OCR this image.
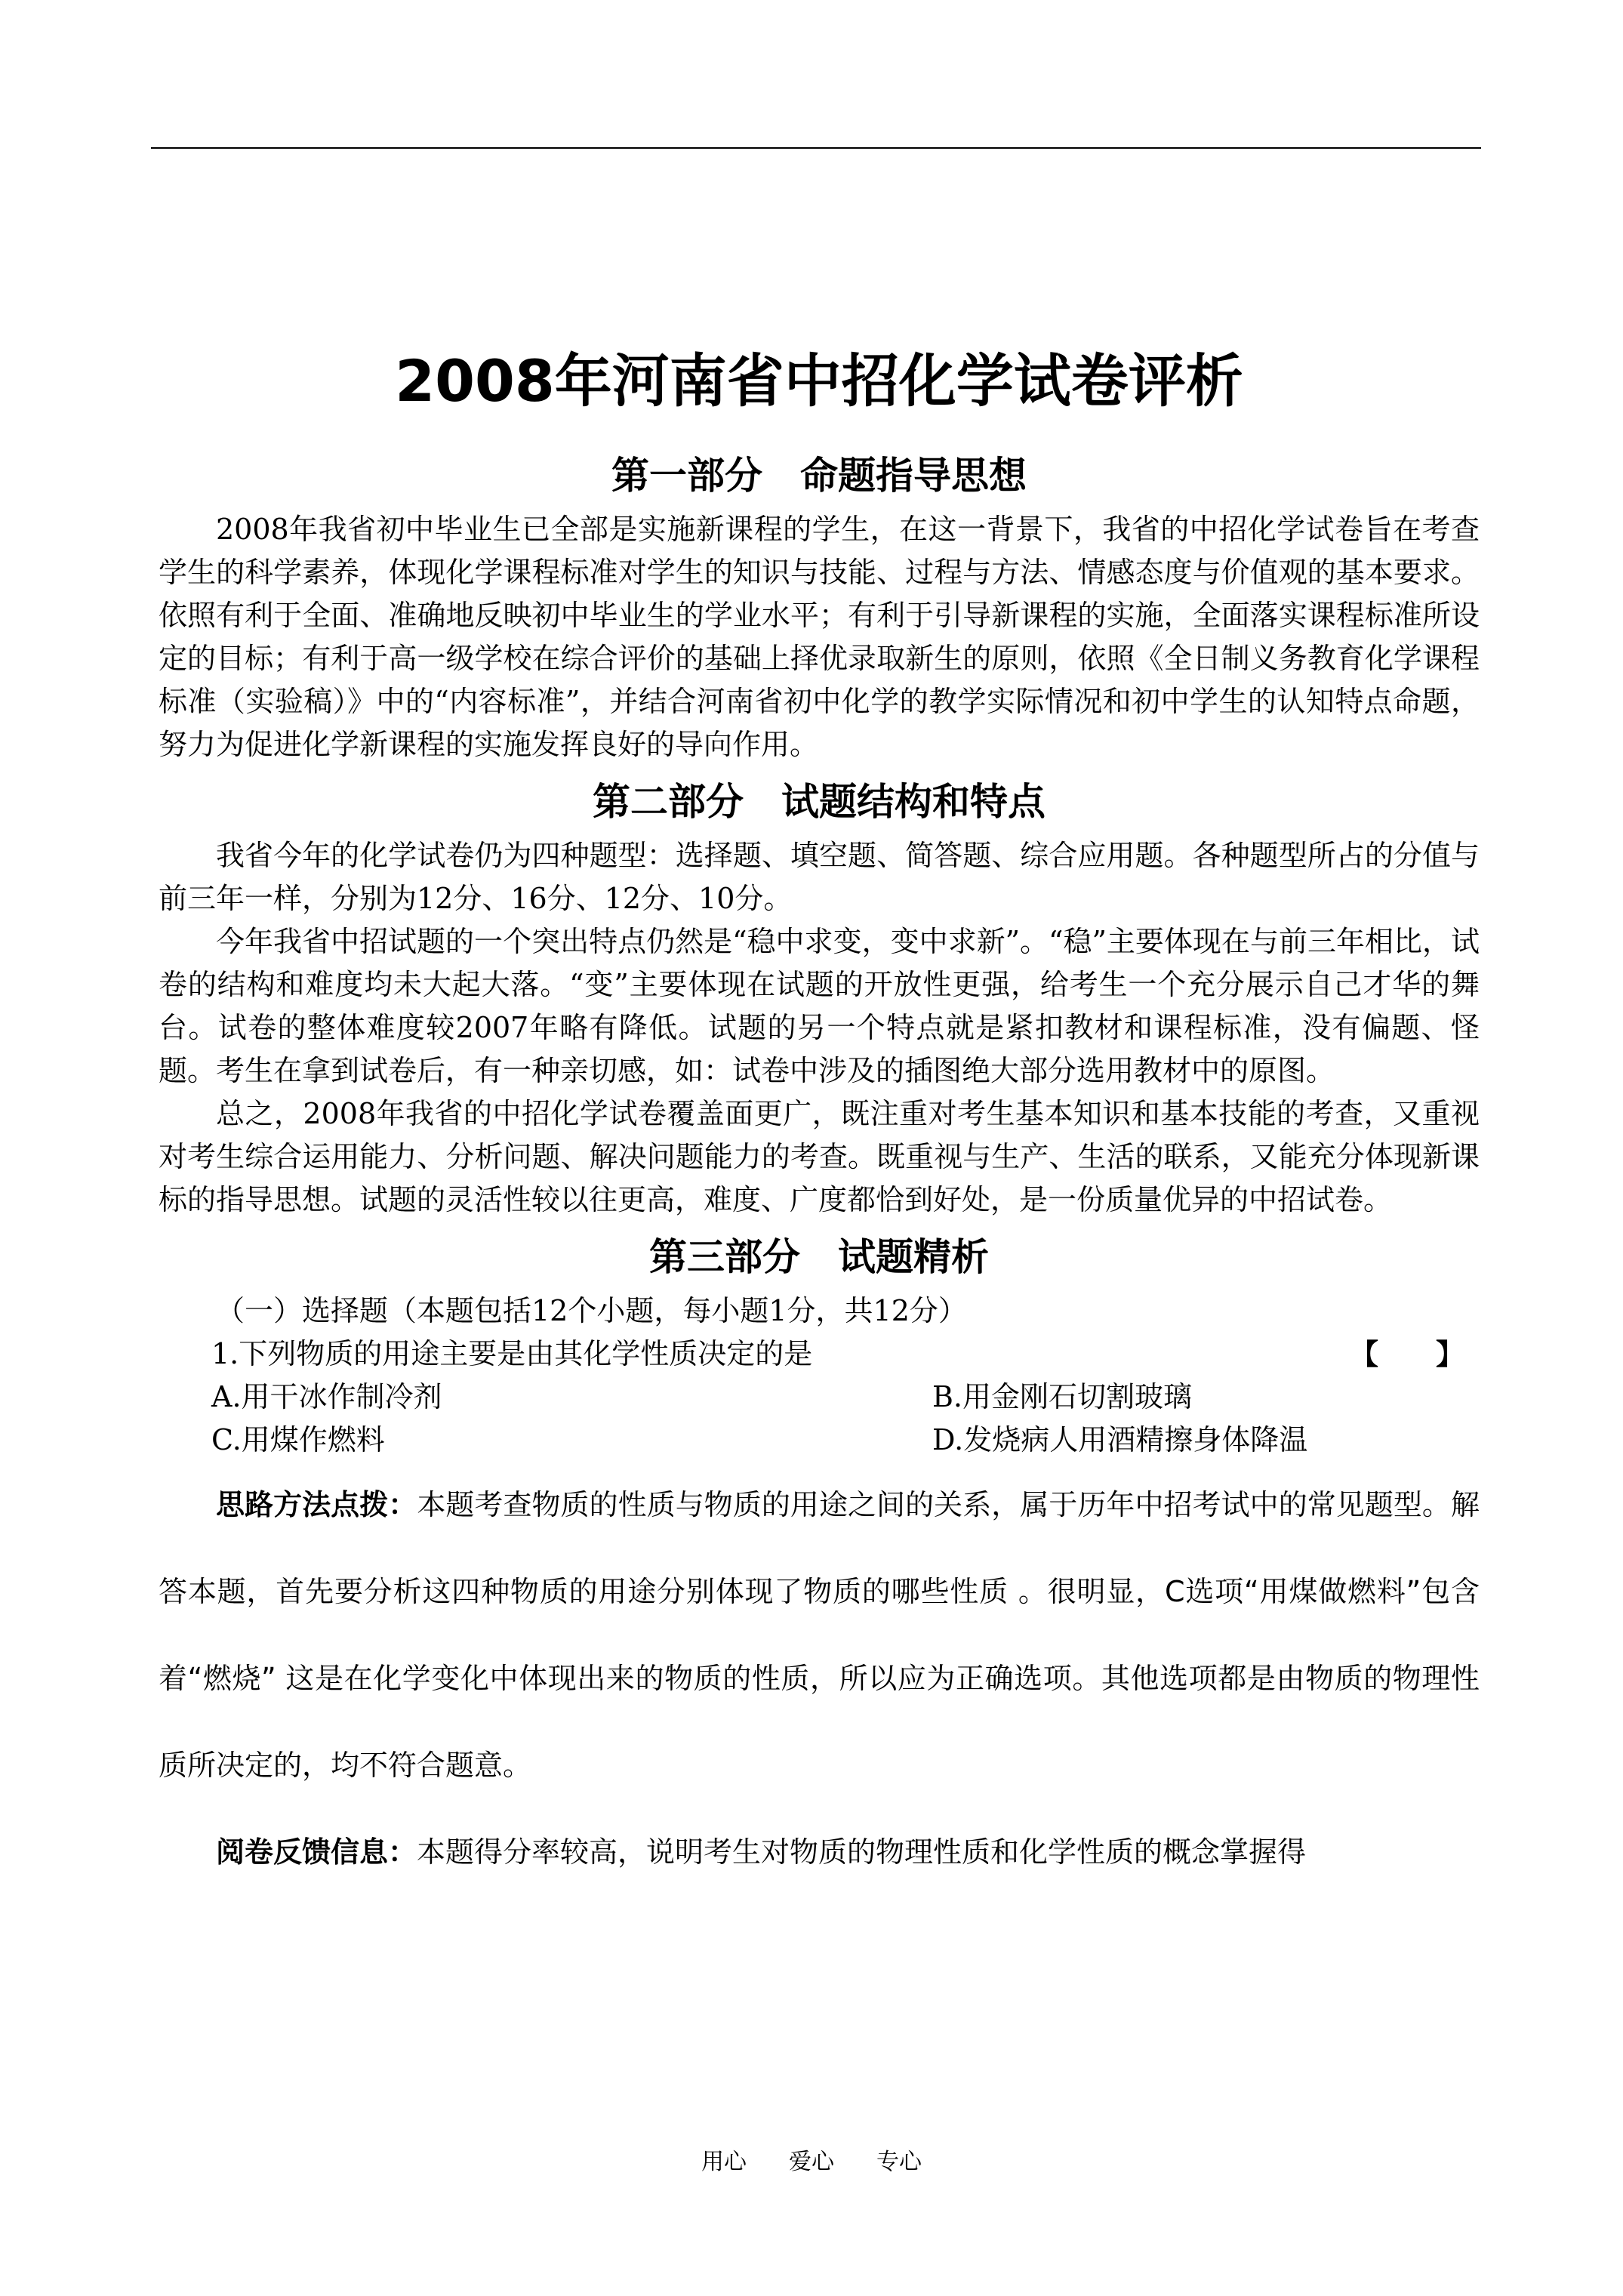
2008年河南省中招化学试卷评析
第一部分 命题指导思想

2008年我省初中毕业生已全部是实施新课程的学生，在这一背景下，我省的中招化学试卷旨在考查学生的科学素养，体现化学课程标准对学生的知识与技能、过程与方法、情感态度与价值观的基本要求。依照有利于全面、准确地反映初中毕业生的学业水平；有利于引导新课程的实施，全面落实课程标准所设定的目标；有利于高一级学校在综合评价的基础上择优录取新生的原则，依照《全日制义务教育化学课程标准（实验稿）》中的“内容标准”，并结合河南省初中化学的教学实际情况和初中学生的认知特点命题，努力为促进化学新课程的实施发挥良好的导向作用。

第二部分 试题结构和特点

我省今年的化学试卷仍为四种题型：选择题、填空题、简答题、综合应用题。各种题型所占的分值与前三年一样，分别为12分、16分、12分、10分。

今年我省中招试题的一个突出特点仍然是“稳中求变，变中求新”。“稳”主要体现在与前三年相比，试卷的结构和难度均未大起大落。“变”主要体现在试题的开放性更强，给考生一个充分展示自己才华的舞台。试卷的整体难度较2007年略有降低。试题的另一个特点就是紧扣教材和课程标准，没有偏题、怪题。考生在拿到试卷后，有一种亲切感，如：试卷中涉及的插图绝大部分选用教材中的原图。

总之，2008年我省的中招化学试卷覆盖面更广，既注重对考生基本知识和基本技能的考查，又重视对考生综合运用能力、分析问题、解决问题能力的考查。既重视与生产、生活的联系，又能充分体现新课标的指导思想。试题的灵活性较以往更高，难度、广度都恰到好处，是一份质量优异的中招试卷。

第三部分 试题精析

（一）选择题（本题包括12个小题，每小题1分，共12分）

1.下列物质的用途主要是由其化学性质决定的是	【　　】
A.用干冰作制冷剂	B.用金刚石切割玻璃
C.用煤作燃料	D.发烧病人用酒精擦身体降温

思路方法点拨：本题考查物质的性质与物质的用途之间的关系，属于历年中招考试中的常见题型。解答本题，首先要分析这四种物质的用途分别体现了物质的哪些性质 。很明显，C选项“用煤做燃料”包含着“燃烧” 这是在化学变化中体现出来的物质的性质，所以应为正确选项。其他选项都是由物质的物理性质所决定的，均不符合题意。

阅卷反馈信息：本题得分率较高，说明考生对物质的物理性质和化学性质的概念掌握得

用心 爱心 专心
